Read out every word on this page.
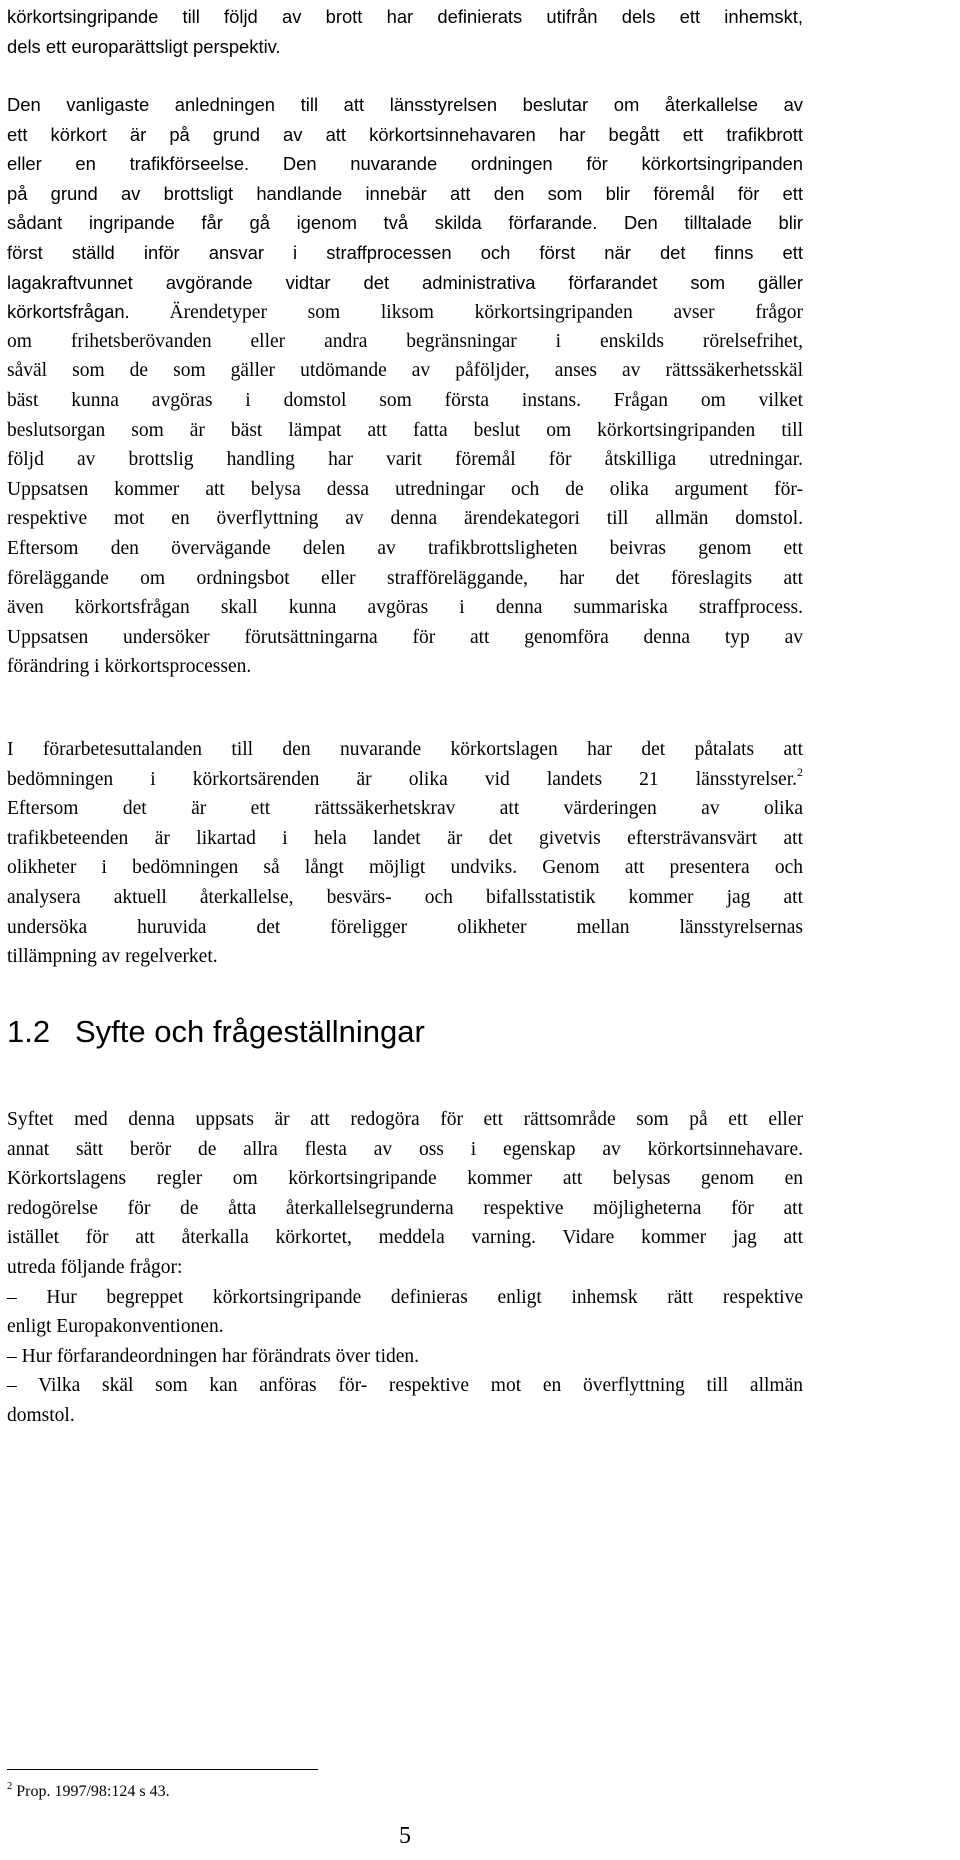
körkortsingripande till följd av brott har definierats utifrån dels ett inhemskt,
dels ett europarättsligt perspektiv.
Den vanligaste anledningen till att länsstyrelsen beslutar om återkallelse av
ett körkort är på grund av att körkortsinnehavaren har begått ett trafikbrott
eller en trafikförseelse. Den nuvarande ordningen för körkortsingripanden
på grund av brottsligt handlande innebär att den som blir föremål för ett
sådant ingripande får gå igenom två skilda förfarande. Den tilltalade blir
först ställd inför ansvar i straffprocessen och först när det finns ett
lagakraftvunnet avgörande vidtar det administrativa förfarandet som gäller
körkortsfrågan. Ärendetyper som liksom körkortsingripanden avser frågor
om frihetsberövanden eller andra begränsningar i enskilds rörelsefrihet,
såväl som de som gäller utdömande av påföljder, anses av rättssäkerhetsskäl
bäst kunna avgöras i domstol som första instans. Frågan om vilket
beslutsorgan som är bäst lämpat att fatta beslut om körkortsingripanden till
följd av brottslig handling har varit föremål för åtskilliga utredningar.
Uppsatsen kommer att belysa dessa utredningar och de olika argument för-
respektive mot en överflyttning av denna ärendekategori till allmän domstol.
Eftersom den övervägande delen av trafikbrottsligheten beivras genom ett
föreläggande om ordningsbot eller strafföreläggande, har det föreslagits att
även körkortsfrågan skall kunna avgöras i denna summariska straffprocess.
Uppsatsen undersöker förutsättningarna för att genomföra denna typ av
förändring i körkortsprocessen.
I förarbetesuttalanden till den nuvarande körkortslagen har det påtalats att
bedömningen i körkortsärenden är olika vid landets 21 länsstyrelser.$^2$
Eftersom det är ett rättssäkerhetskrav att värderingen av olika
trafikbeteenden är likartad i hela landet är det givetvis eftersträvansvärt att
olikheter i bedömningen så långt möjligt undviks. Genom att presentera och
analysera aktuell återkallelse, besvärs- och bifallsstatistik kommer jag att
undersöka huruvida det föreligger olikheter mellan länsstyrelsernas
tillämpning av regelverket.
1.2 Syfte och frågeställningar
Syftet med denna uppsats är att redogöra för ett rättsområde som på ett eller
annat sätt berör de allra flesta av oss i egenskap av körkortsinnehavare.
Körkortslagens regler om körkortsingripande kommer att belysas genom en
redogörelse för de åtta återkallelsegrunderna respektive möjligheterna för att
istället för att återkalla körkortet, meddela varning. Vidare kommer jag att
utreda följande frågor:
– Hur begreppet körkortsingripande definieras enligt inhemsk rätt respektive
enligt Europakonventionen.
– Hur förfarandeordningen har förändrats över tiden.
– Vilka skäl som kan anföras för- respektive mot en överflyttning till allmän
domstol.
$^2$ Prop. 1997/98:124 s 43.
5
